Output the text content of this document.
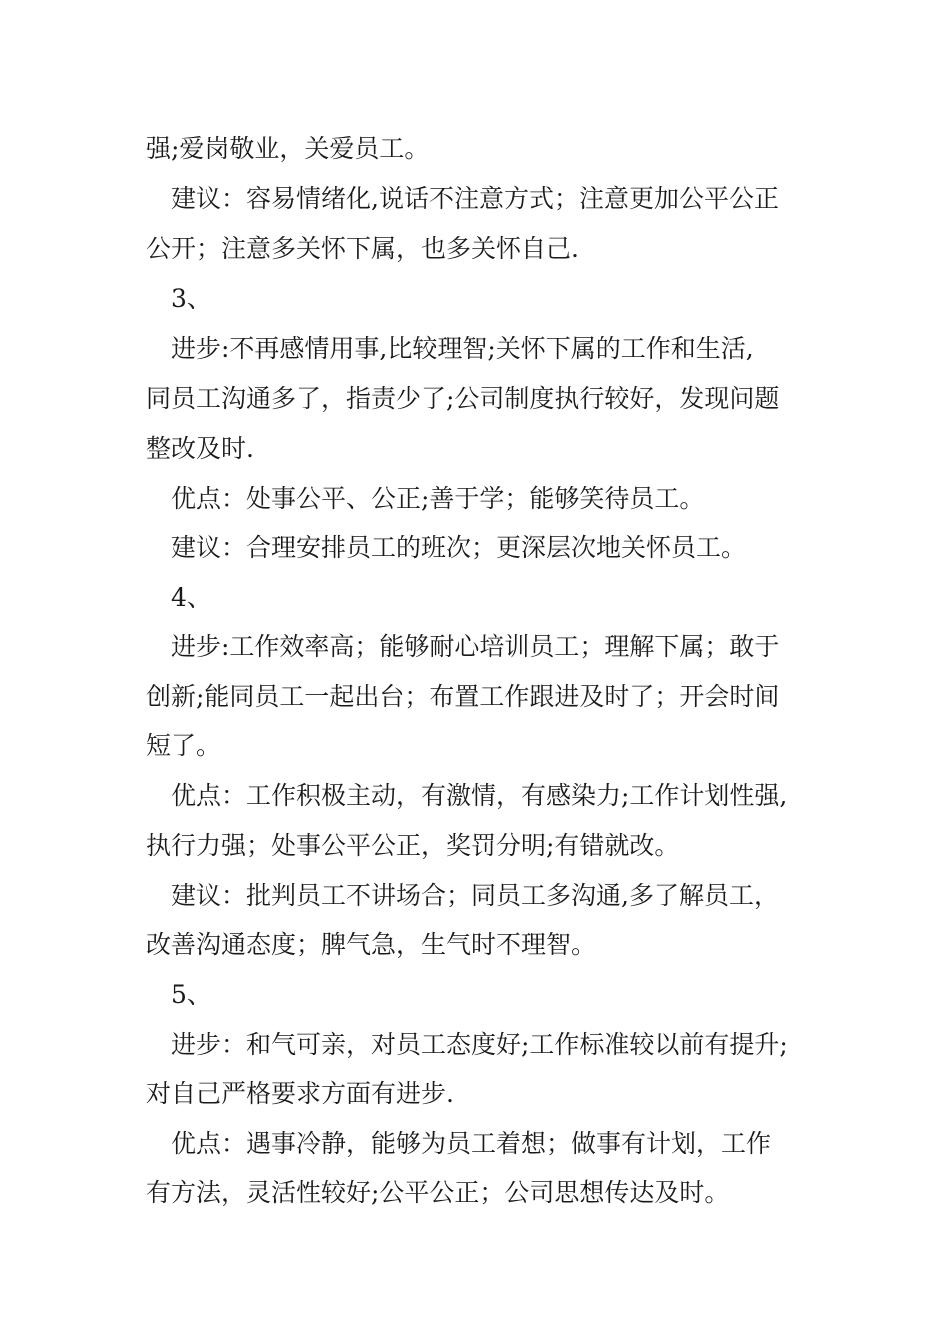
强;爱岗敬业，关爱员工。
建议：容易情绪化,说话不注意方式；注意更加公平公正
公开；注意多关怀下属，也多关怀自己.
3、
进步:不再感情用事,比较理智;关怀下属的工作和生活,
同员工沟通多了，指责少了;公司制度执行较好，发现问题
整改及时.
优点：处事公平、公正;善于学；能够笑待员工。
建议：合理安排员工的班次；更深层次地关怀员工。
4、
进步:工作效率高；能够耐心培训员工；理解下属；敢于
创新;能同员工一起出台；布置工作跟进及时了；开会时间
短了。
优点：工作积极主动，有激情，有感染力;工作计划性强,
执行力强；处事公平公正，奖罚分明;有错就改。
建议：批判员工不讲场合；同员工多沟通,多了解员工，
改善沟通态度；脾气急，生气时不理智。
5、
进步：和气可亲，对员工态度好;工作标准较以前有提升;
对自己严格要求方面有进步.
优点：遇事冷静，能够为员工着想；做事有计划，工作
有方法，灵活性较好;公平公正；公司思想传达及时。
